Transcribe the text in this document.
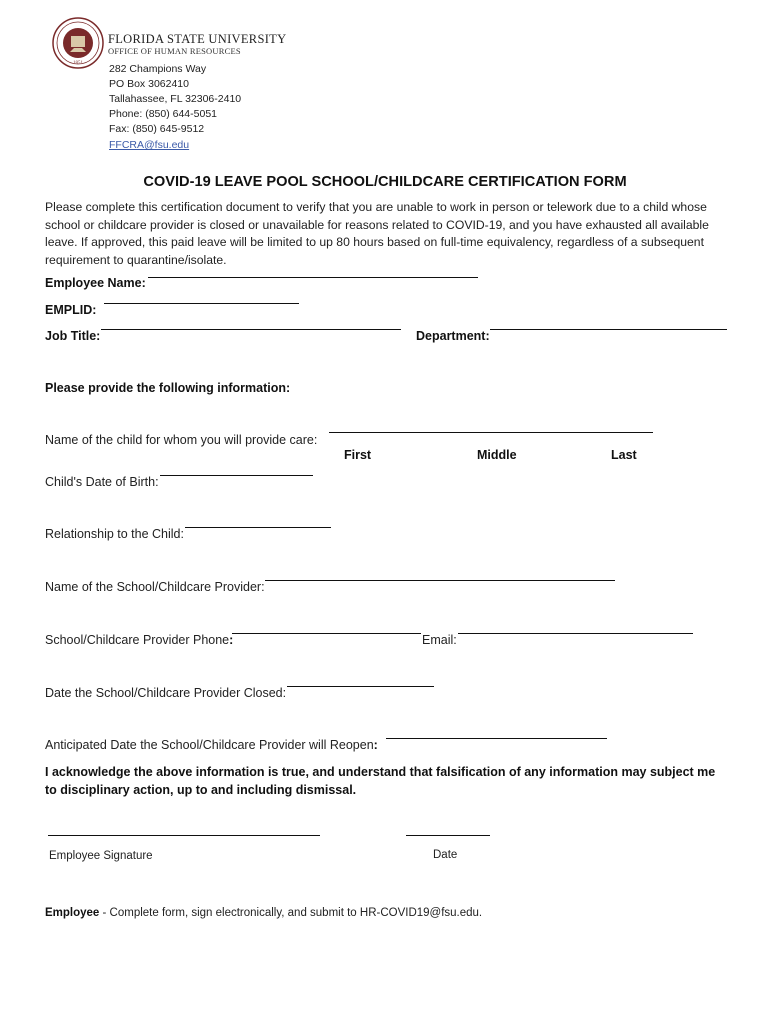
1851
FLORIDA STATE UNIVERSITY
OFFICE OF HUMAN RESOURCES
282 Champions Way
PO Box 3062410
Tallahassee, FL 32306-2410
Phone: (850) 644-5051
Fax: (850) 645-9512
FFCRA@fsu.edu
COVID-19 LEAVE POOL SCHOOL/CHILDCARE CERTIFICATION FORM
Please complete this certification document to verify that you are unable to work in person or telework due to a child whose school or childcare provider is closed or unavailable for reasons related to COVID-19, and you have exhausted all available leave. If approved, this paid leave will be limited to up 80 hours based on full-time equivalency, regardless of a subsequent requirement to quarantine/isolate.
Employee Name:
EMPLID:
Job Title:	Department:
Please provide the following information:
Name of the child for whom you will provide care:
First	Middle	Last
Child's Date of Birth:
Relationship to the Child:
Name of the School/Childcare Provider:
School/Childcare Provider Phone:	Email:
Date the School/Childcare Provider Closed:
Anticipated Date the School/Childcare Provider will Reopen:
I acknowledge the above information is true, and understand that falsification of any information may subject me to disciplinary action, up to and including dismissal.
Employee Signature	Date
Employee - Complete form, sign electronically, and submit to HR-COVID19@fsu.edu.
